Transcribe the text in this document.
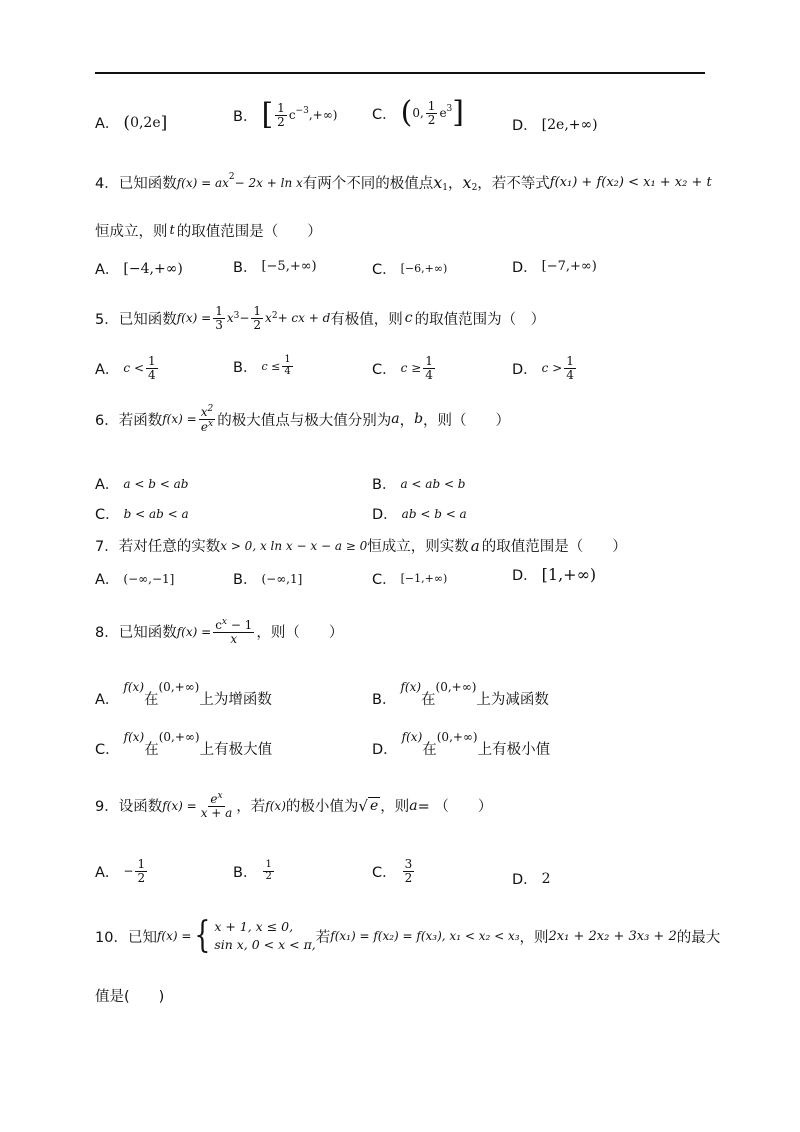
A． ( 0,2e ]	B． [ $\frac{1}{2} c^{-3}$ ,+∞) C． ( 0, $\frac{1}{2} e^3$ ]	D． [2e,+∞)
4．已知函数 $f(x) = ax^2 - 2x + \ln x$ 有两个不同的极值点 $x_1$ ， $x_2$ ，若不等式 f(x₁) + f(x₂) < x₁ + x₂ + t
恒成立，则 t 的取值范围是（　　）
A． [−4,+∞)	B． [−5,+∞)	C． [−6,+∞)	D． [−7,+∞)
5．已知函数 $f(x) = \frac{1}{3}$ x $3 - \frac{1}{2}$ x 2 + cx + d 有极值，则 c 的取值范围为（　）
A． $c < \frac{1}{4}$	B． $c \le \frac{1}{4}$	C． $c \ge \frac{1}{4}$	D． $c > \frac{1}{4}$
6．若函数 $f(x) = \frac{x^2}{e^x}$ 的极大值点与极大值分别为 a ， b ，则（　　）
A． a < b < ab	B． a < ab < b
C． b < ab < a	D． ab < b < a
7．若对任意的实数 x > 0, x ln x − x − a ≥ 0 恒成立，则实数 a 的取值范围是（　　）
A． (−∞,−1]	B． (−∞,1]	C． [−1,+∞)	D． [1,+∞)
8．已知函数 $f(x) = \frac{c^x - 1}{x}$ ，则（　　）
A．
f(x)
在
(0,+∞)
上为增函数	B．
f(x)
在
(0,+∞)
上为减函数
C．
f(x)
在
(0,+∞)
上有极大值	D．
f(x)
在
(0,+∞)
上有极小值
9．设函数 $f(x) = \frac{e^x}{x + a}$ ，若 f(x) 的极小值为 √ e ，则 a = （　　）
A． − $\frac{1}{2}$	B． $\frac{1}{2}$	C． $\frac{3}{2}$	D． 2
10．已知 f(x) = { x + 1, x ≤ 0,
sin x, 0 < x < π, 若 f(x₁) = f(x₂) = f(x₃), x₁ < x₂ < x₃ ，则 2x₁ + 2x₂ + 3x₃ + 2 的最大
值是(　　)
